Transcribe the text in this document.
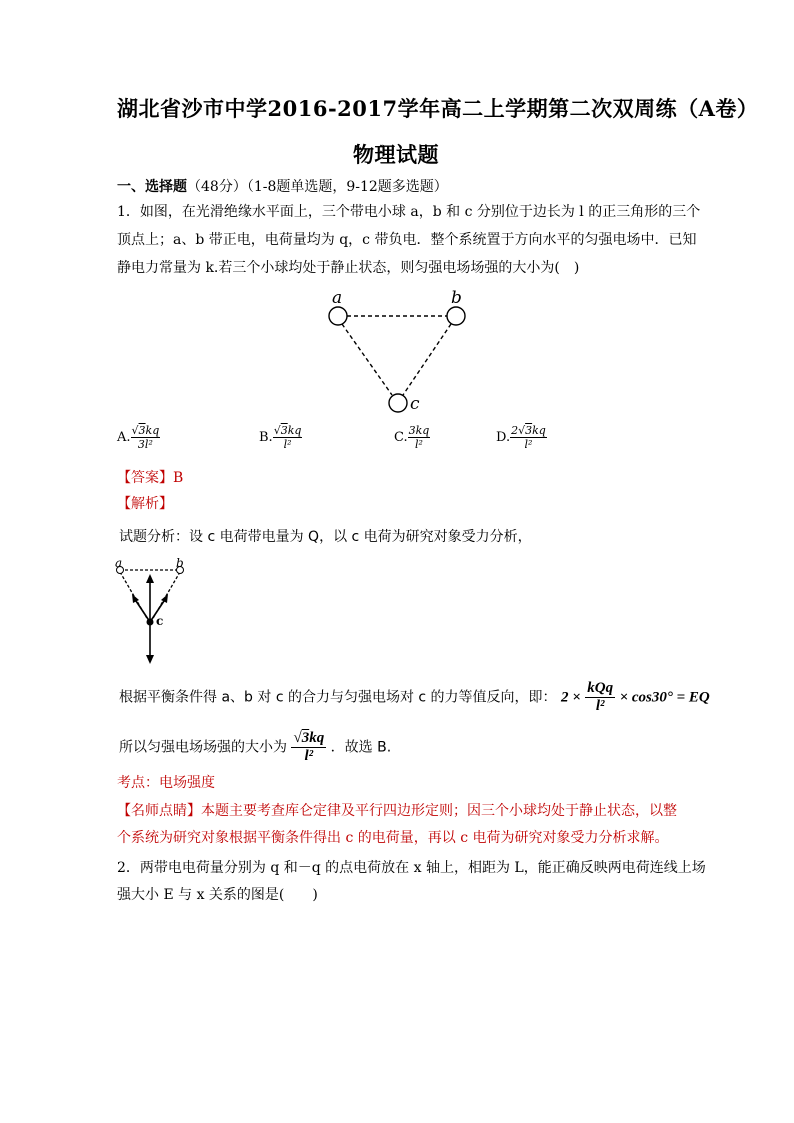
湖北省沙市中学2016-2017学年高二上学期第二次双周练（A卷）
物理试题
一、选择题（48分）（1-8题单选题，9-12题多选题）
1．如图，在光滑绝缘水平面上，三个带电小球 a，b 和 c 分别位于边长为 l 的正三角形的三个
顶点上；a、b 带正电，电荷量均为 q，c 带负电．整个系统置于方向水平的匀强电场中．已知
静电力常量为 k.若三个小球均处于静止状态，则匀强电场场强的大小为(　)
a	b
c
A. $\frac{√3kq}{\text{3l²}}$	B. $\frac{√3kq}{\text{l²}}$	C. $\frac{3kq}{\text{l²}}$	D. $\frac{2√3kq}{\text{l²}}$
【答案】B
【解析】
试题分析：设 c 电荷带电量为 Q，以 c 电荷为研究对象受力分析，
a	b
c
根据平衡条件得 a、b 对 c 的合力与匀强电场对 c 的力等值反向，即： $2 \times \frac{\text{kQq}}{\text{l²}} \times \cos 30^\circ$ = EQ
所以匀强电场场强的大小为 $\frac{√3kq}{\text{l²}}$ ．故选 B.
考点：电场强度
【名师点睛】本题主要考查库仑定律及平行四边形定则；因三个小球均处于静止状态，以整
个系统为研究对象根据平衡条件得出 c 的电荷量，再以 c 电荷为研究对象受力分析求解。
2．两带电电荷量分别为 q 和－q 的点电荷放在 x 轴上，相距为 L，能正确反映两电荷连线上场
强大小 E 与 x 关系的图是(　　)
